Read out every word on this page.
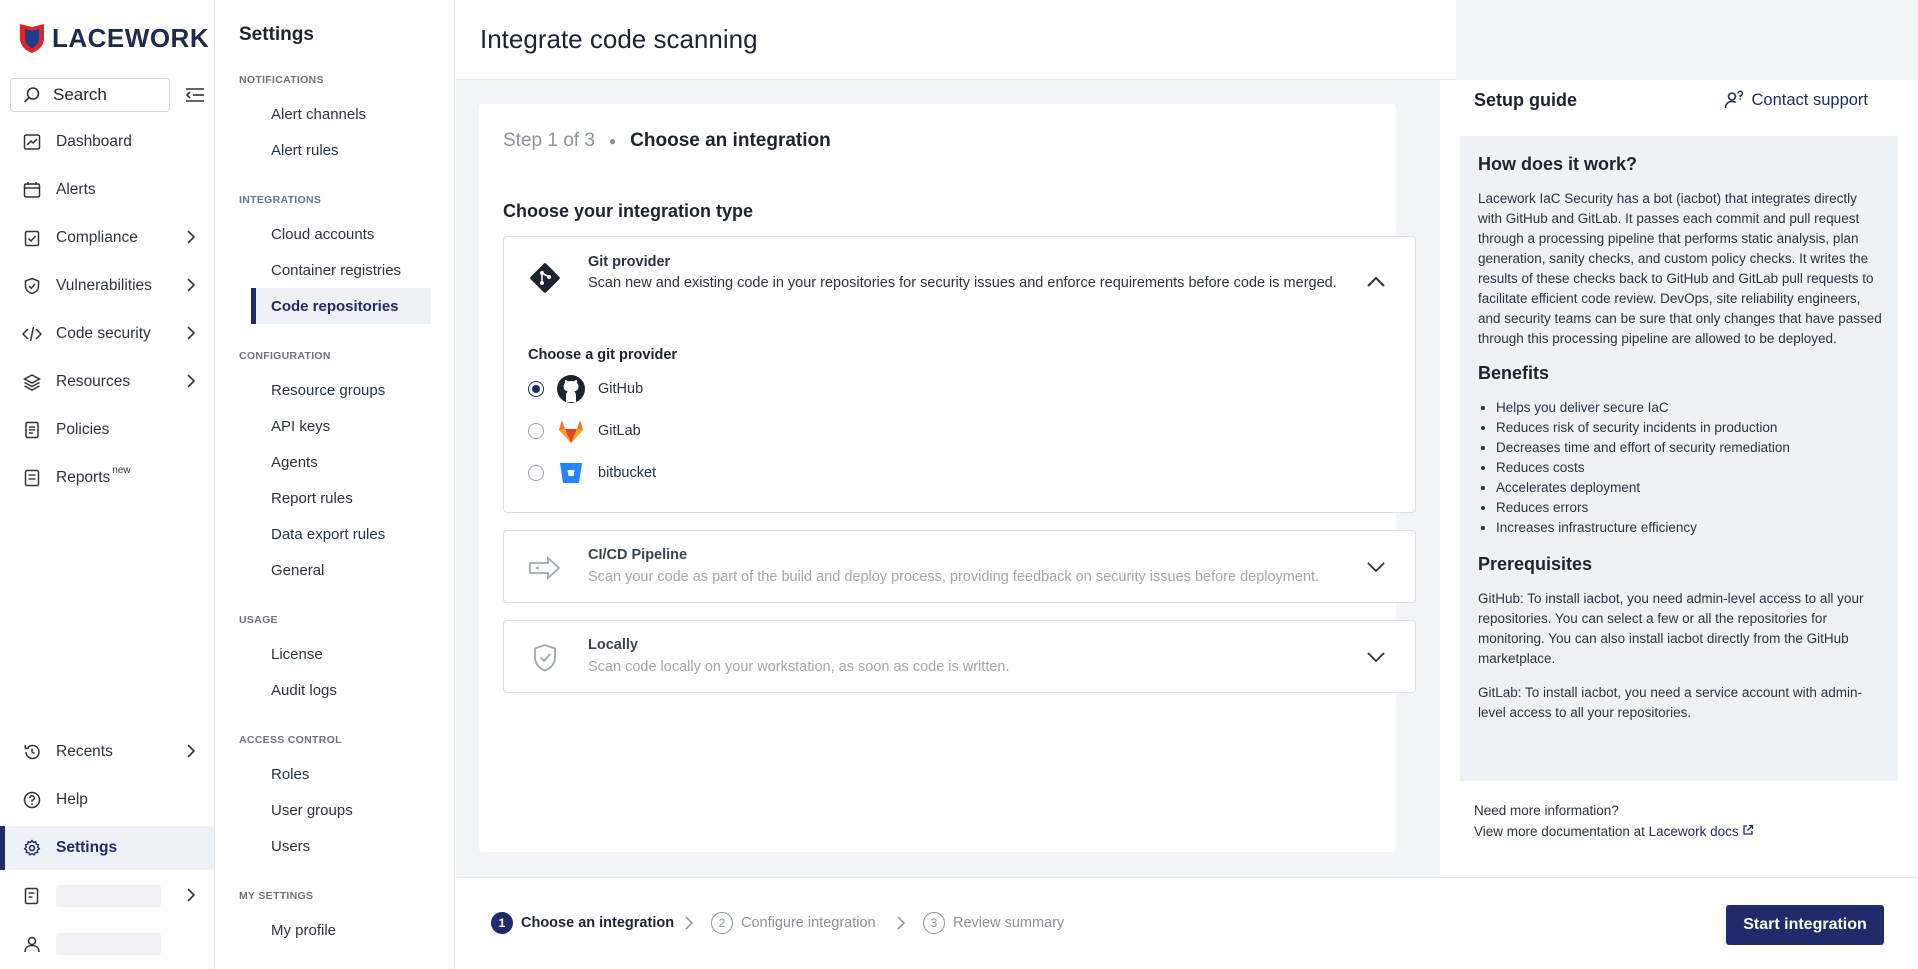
LACEWORK
Search
Dashboard
Alerts
Compliance
Vulnerabilities
Code security
Resources
Policies
Reports$^{new}$
Recents
Help
Settings
Settings
NOTIFICATIONS
Alert channels
Alert rules
INTEGRATIONS
Cloud accounts
Container registries
Code repositories
CONFIGURATION
Resource groups
API keys
Agents
Report rules
Data export rules
General
USAGE
License
Audit logs
ACCESS CONTROL
Roles
User groups
Users
MY SETTINGS
My profile
Integrate code scanning
Step 1 of 3 ● Choose an integration
Choose your integration type
Git provider
Scan new and existing code in your repositories for security issues and enforce requirements before code is merged.
Choose a git provider
GitHub
GitLab
bitbucket
CI/CD Pipeline
Scan your code as part of the build and deploy process, providing feedback on security issues before deployment.
Locally
Scan code locally on your workstation, as soon as code is written.
Setup guide	Contact support
How does it work?

Lacework IaC Security has a bot (iacbot) that integrates directly with GitHub and GitLab. It passes each commit and pull request through a processing pipeline that performs static analysis, plan generation, sanity checks, and custom policy checks. It writes the results of these checks back to GitHub and GitLab pull requests to facilitate efficient code review. DevOps, site reliability engineers, and security teams can be sure that only changes that have passed through this processing pipeline are allowed to be deployed.

Benefits
• Helps you deliver secure IaC
• Reduces risk of security incidents in production
• Decreases time and effort of security remediation
• Reduces costs
• Accelerates deployment
• Reduces errors
• Increases infrastructure efficiency
Prerequisites

GitHub: To install iacbot, you need admin-level access to all your repositories. You can select a few or all the repositories for monitoring. You can also install iacbot directly from the GitHub marketplace.

GitLab: To install iacbot, you need a service account with admin-level access to all your repositories.

Need more information?
View more documentation at Lacework docs
1	Choose an integration	2	Configure integration	3	Review summary	Start integration
